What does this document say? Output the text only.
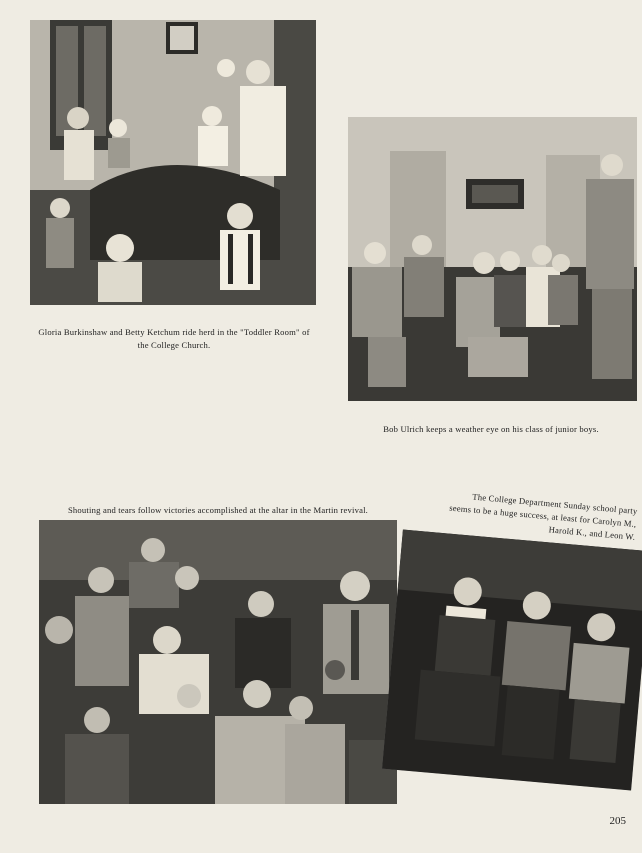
Gloria Burkinshaw and Betty Ketchum ride herd in the "Toddler Room" of the College Church.

Bob Ulrich keeps a weather eye on his class of junior boys.

Shouting and tears follow victories accomplished at the altar in the Martin revival.	The College Department Sunday school party seems to be a huge success, at least for Carolyn M., Harold K., and Leon W.

205
